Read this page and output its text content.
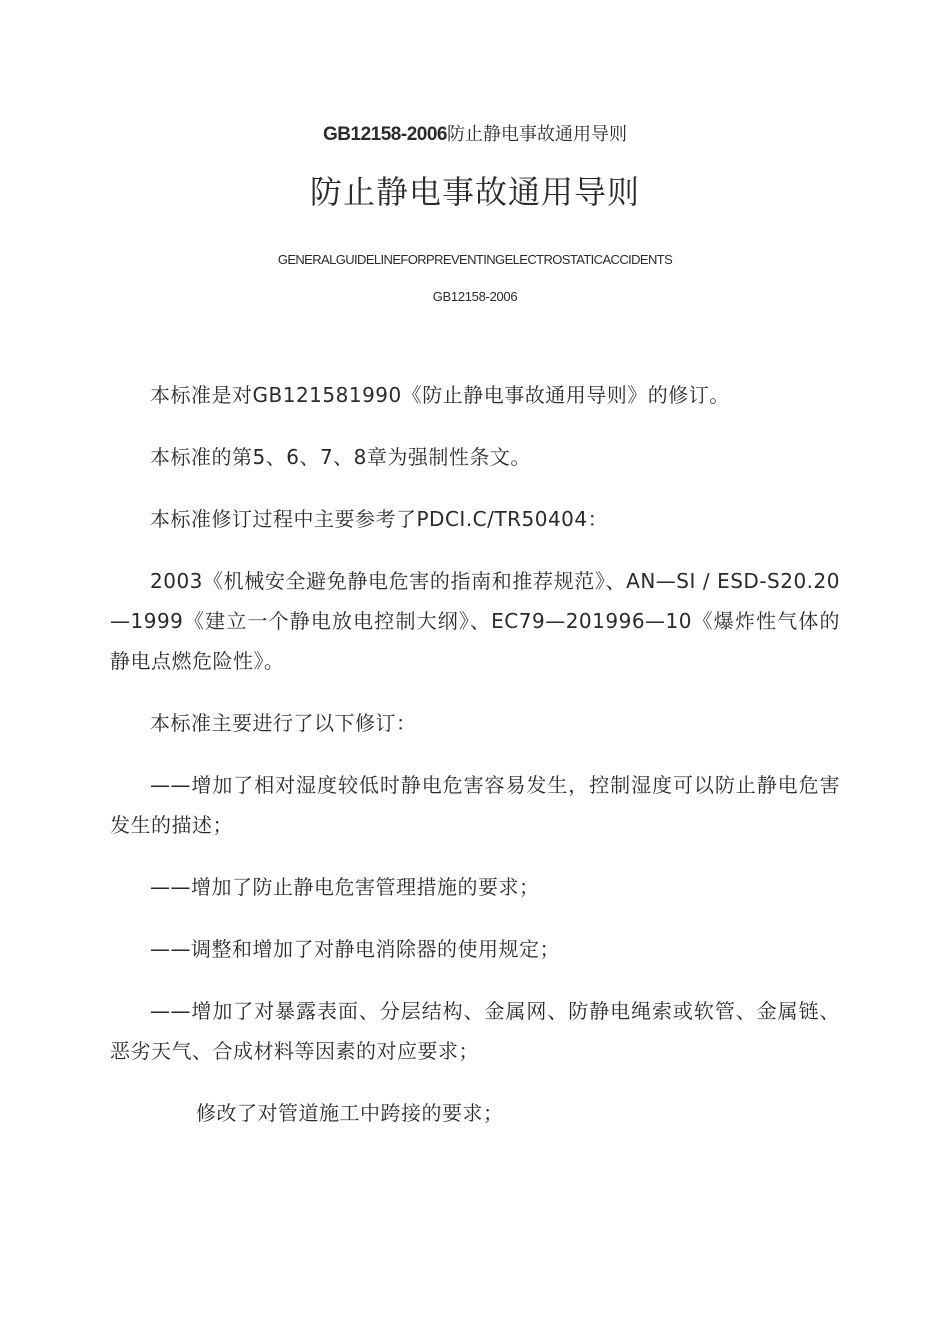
GB12158-2006防止静电事故通用导则
防止静电事故通用导则
GENERALGUIDELINEFORPREVENTINGELECTROSTATICACCIDENTS
GB12158-2006

本标准是对GB121581990《防止静电事故通用导则》的修订。

本标准的第5、6、7、8章为强制性条文。

本标准修订过程中主要参考了PDCI.C/TR50404：

2003《机械安全避免静电危害的指南和推荐规范》、AN—SI / ESD-S20.20—1999《建立一个静电放电控制大纲》、EC79—201996—10《爆炸性气体的静电点燃危险性》。

本标准主要进行了以下修订：

——增加了相对湿度较低时静电危害容易发生，控制湿度可以防止静电危害发生的描述；

——增加了防止静电危害管理措施的要求；

——调整和增加了对静电消除器的使用规定；

——增加了对暴露表面、分层结构、金属网、防静电绳索或软管、金属链、恶劣天气、合成材料等因素的对应要求；

修改了对管道施工中跨接的要求；
